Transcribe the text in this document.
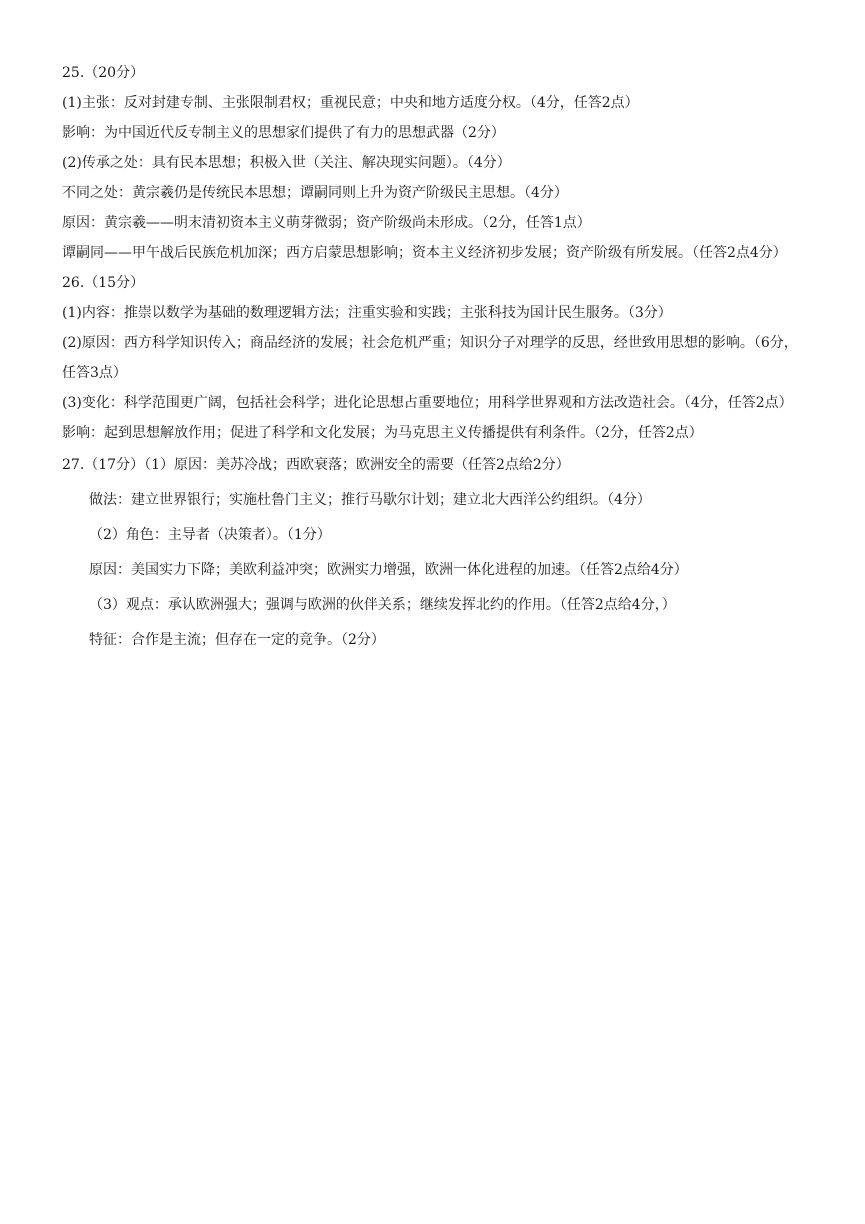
25.（20分）

(1)主张：反对封建专制、主张限制君权；重视民意；中央和地方适度分权。（4分，任答2点）

影响：为中国近代反专制主义的思想家们提供了有力的思想武器（2分）

(2)传承之处：具有民本思想；积极入世（关注、解决现实问题）。（4分）

不同之处：黄宗羲仍是传统民本思想；谭嗣同则上升为资产阶级民主思想。（4分）

原因：黄宗羲——明末清初资本主义萌芽微弱；资产阶级尚未形成。（2分，任答1点）

谭嗣同——甲午战后民族危机加深；西方启蒙思想影响；资本主义经济初步发展；资产阶级有所发展。（任答2点4分）

26.（15分）

(1)内容：推崇以数学为基础的数理逻辑方法；注重实验和实践；主张科技为国计民生服务。（3分）

(2)原因：西方科学知识传入；商品经济的发展；社会危机严重；知识分子对理学的反思，经世致用思想的影响。（6分，任答3点）

(3)变化：科学范围更广阔，包括社会科学；进化论思想占重要地位；用科学世界观和方法改造社会。（4分，任答2点）

影响：起到思想解放作用；促进了科学和文化发展；为马克思主义传播提供有利条件。（2分，任答2点）

27.（17分）（1）原因：美苏冷战；西欧衰落；欧洲安全的需要（任答2点给2分）

做法：建立世界银行；实施杜鲁门主义；推行马歇尔计划；建立北大西洋公约组织。（4分）

（2）角色：主导者（决策者）。（1分）

原因：美国实力下降；美欧利益冲突；欧洲实力增强，欧洲一体化进程的加速。（任答2点给4分）

（3）观点：承认欧洲强大；强调与欧洲的伙伴关系；继续发挥北约的作用。（任答2点给4分，）

特征：合作是主流；但存在一定的竞争。（2分）
